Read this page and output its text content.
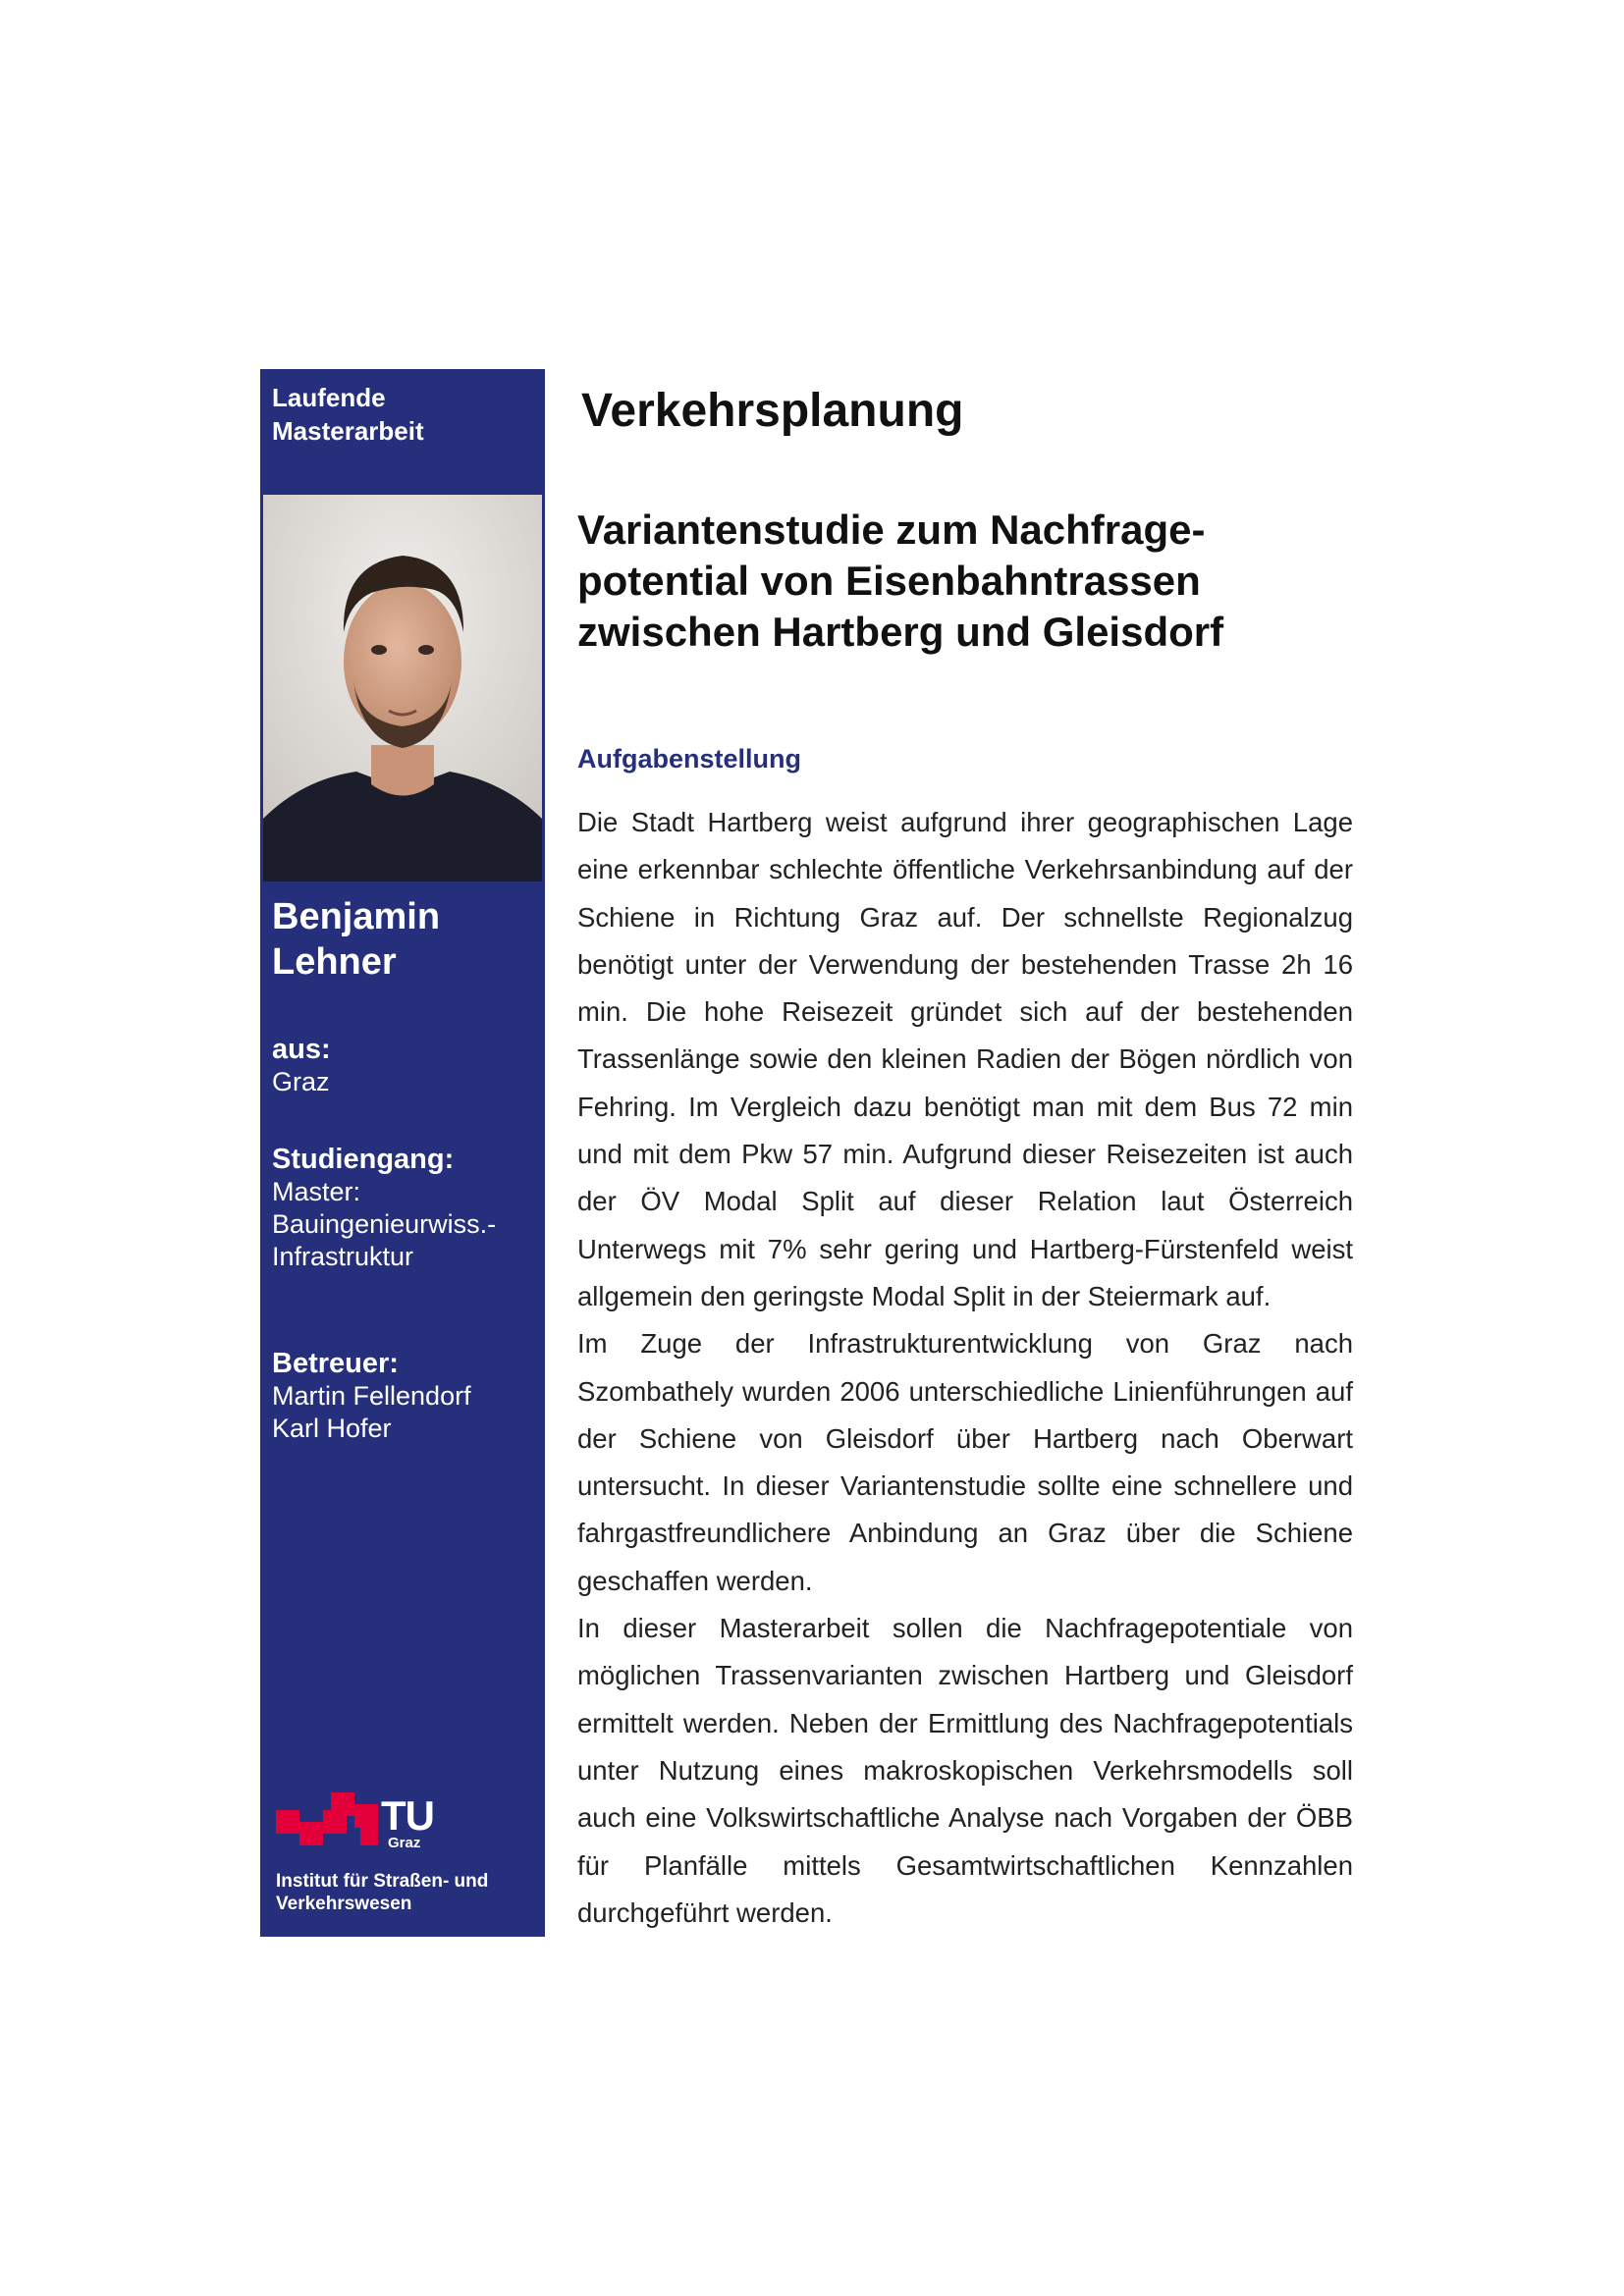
Laufende
Masterarbeit
Benjamin
Lehner
aus:
Graz
Studiengang:
Master:
Bauingenieurwiss.-
Infrastruktur
Betreuer:
Martin Fellendorf
Karl Hofer
TU
Graz
Institut für Straßen- und
Verkehrswesen
Verkehrsplanung
Variantenstudie zum Nachfrage-
potential von Eisenbahntrassen
zwischen Hartberg und Gleisdorf
Aufgabenstellung

Die Stadt Hartberg weist aufgrund ihrer geographischen Lage eine erkennbar schlechte öffentliche Verkehrsanbindung auf der Schiene in Richtung Graz auf. Der schnellste Regionalzug benötigt unter der Verwendung der bestehenden Trasse 2h 16 min. Die hohe Reisezeit gründet sich auf der bestehenden Trassenlänge sowie den kleinen Radien der Bögen nördlich von Fehring. Im Vergleich dazu benötigt man mit dem Bus 72 min und mit dem Pkw 57 min. Aufgrund dieser Reisezeiten ist auch der ÖV Modal Split auf dieser Relation laut Österreich Unterwegs mit 7% sehr gering und Hartberg-Fürstenfeld weist allgemein den geringste Modal Split in der Steiermark auf.

Im Zuge der Infrastrukturentwicklung von Graz nach Szombathely wurden 2006 unterschiedliche Linienführungen auf der Schiene von Gleisdorf über Hartberg nach Oberwart untersucht. In dieser Variantenstudie sollte eine schnellere und fahrgastfreundlichere Anbindung an Graz über die Schiene geschaffen werden.

In dieser Masterarbeit sollen die Nachfragepotentiale von möglichen Trassenvarianten zwischen Hartberg und Gleisdorf ermittelt werden. Neben der Ermittlung des Nachfragepotentials unter Nutzung eines makroskopischen Verkehrsmodells soll auch eine Volkswirtschaftliche Analyse nach Vorgaben der ÖBB für Planfälle mittels Gesamtwirtschaftlichen Kennzahlen durchgeführt werden.
